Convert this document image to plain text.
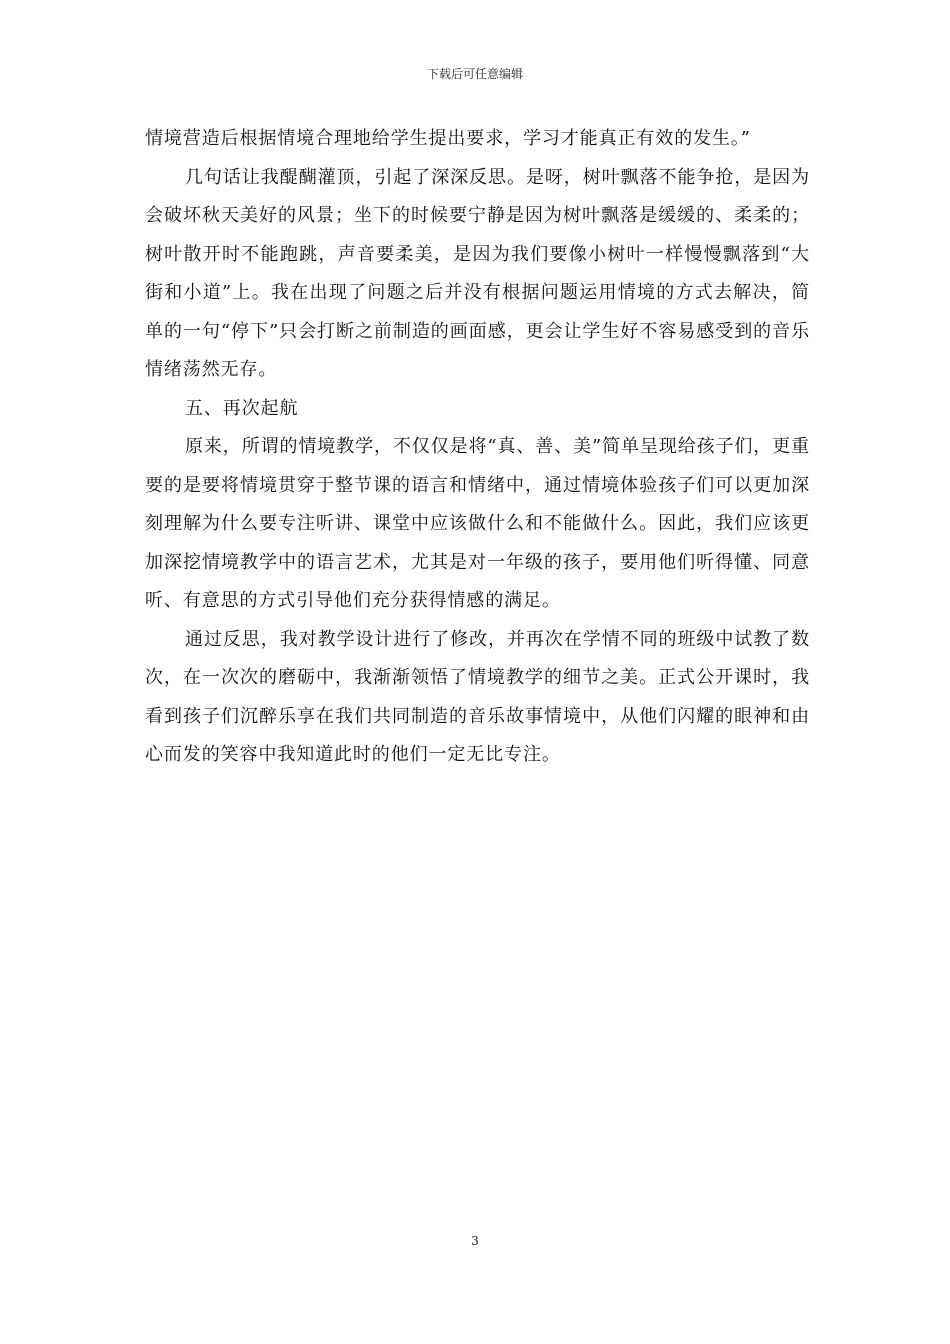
下载后可任意编辑

情境营造后根据情境合理地给学生提出要求，学习才能真正有效的发生。”

几句话让我醍醐灌顶，引起了深深反思。是呀，树叶飘落不能争抢，是因为会破坏秋天美好的风景；坐下的时候要宁静是因为树叶飘落是缓缓的、柔柔的；树叶散开时不能跑跳，声音要柔美，是因为我们要像小树叶一样慢慢飘落到“大街和小道”上。我在出现了问题之后并没有根据问题运用情境的方式去解决，简单的一句“停下”只会打断之前制造的画面感，更会让学生好不容易感受到的音乐情绪荡然无存。

五、再次起航

原来，所谓的情境教学，不仅仅是将“真、善、美”简单呈现给孩子们，更重要的是要将情境贯穿于整节课的语言和情绪中，通过情境体验孩子们可以更加深刻理解为什么要专注听讲、课堂中应该做什么和不能做什么。因此，我们应该更加深挖情境教学中的语言艺术，尤其是对一年级的孩子，要用他们听得懂、同意听、有意思的方式引导他们充分获得情感的满足。

通过反思，我对教学设计进行了修改，并再次在学情不同的班级中试教了数次，在一次次的磨砺中，我渐渐领悟了情境教学的细节之美。正式公开课时，我看到孩子们沉醉乐享在我们共同制造的音乐故事情境中，从他们闪耀的眼神和由心而发的笑容中我知道此时的他们一定无比专注。

3
